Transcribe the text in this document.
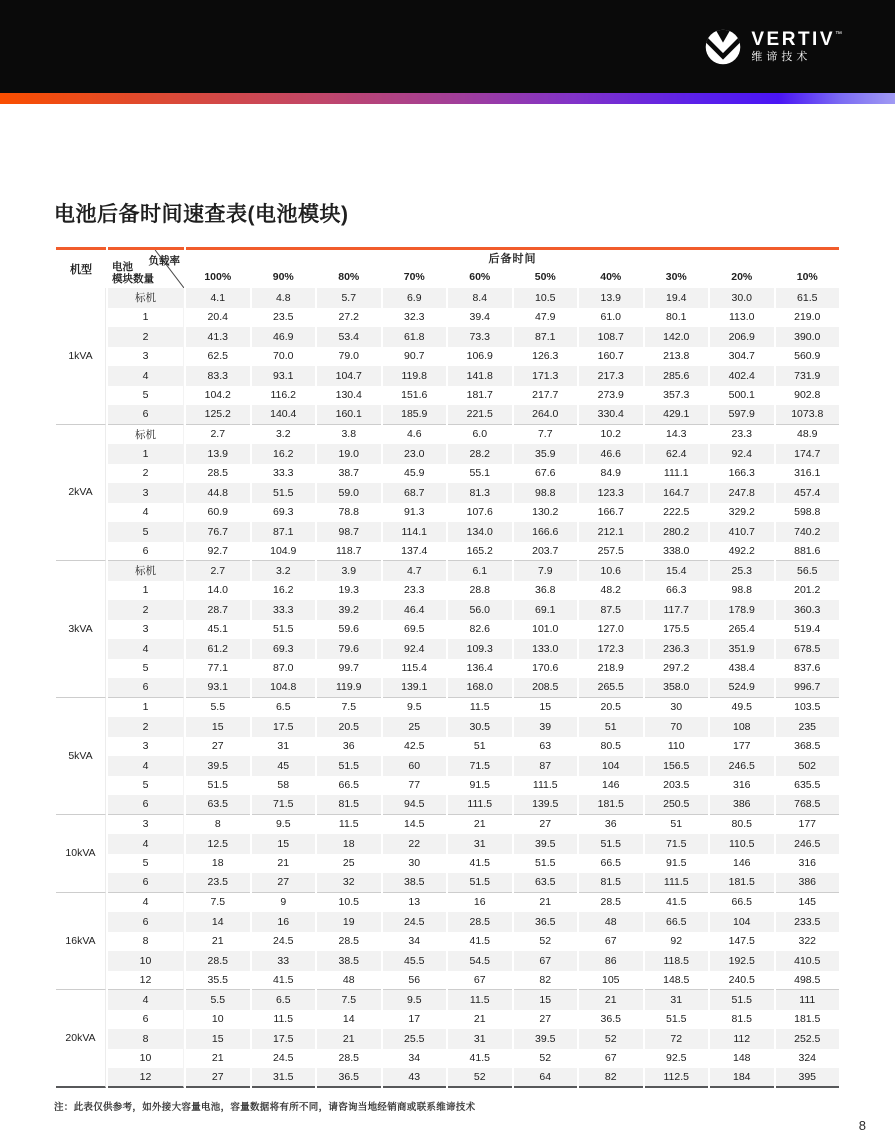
VERTIV ™
维谛技术
电池后备时间速查表(电池模块)
机型	负载率
电池
模块数量	后备时间									
		100%	90%	80%	70%	60%	50%	40%	30%	20%	10%
1kVA	标机	4.1	4.8	5.7	6.9	8.4	10.5	13.9	19.4	30.0	61.5
	1	20.4	23.5	27.2	32.3	39.4	47.9	61.0	80.1	113.0	219.0
	2	41.3	46.9	53.4	61.8	73.3	87.1	108.7	142.0	206.9	390.0
	3	62.5	70.0	79.0	90.7	106.9	126.3	160.7	213.8	304.7	560.9
	4	83.3	93.1	104.7	119.8	141.8	171.3	217.3	285.6	402.4	731.9
	5	104.2	116.2	130.4	151.6	181.7	217.7	273.9	357.3	500.1	902.8
	6	125.2	140.4	160.1	185.9	221.5	264.0	330.4	429.1	597.9	1073.8
2kVA	标机	2.7	3.2	3.8	4.6	6.0	7.7	10.2	14.3	23.3	48.9
	1	13.9	16.2	19.0	23.0	28.2	35.9	46.6	62.4	92.4	174.7
	2	28.5	33.3	38.7	45.9	55.1	67.6	84.9	111.1	166.3	316.1
	3	44.8	51.5	59.0	68.7	81.3	98.8	123.3	164.7	247.8	457.4
	4	60.9	69.3	78.8	91.3	107.6	130.2	166.7	222.5	329.2	598.8
	5	76.7	87.1	98.7	114.1	134.0	166.6	212.1	280.2	410.7	740.2
	6	92.7	104.9	118.7	137.4	165.2	203.7	257.5	338.0	492.2	881.6
3kVA	标机	2.7	3.2	3.9	4.7	6.1	7.9	10.6	15.4	25.3	56.5
	1	14.0	16.2	19.3	23.3	28.8	36.8	48.2	66.3	98.8	201.2
	2	28.7	33.3	39.2	46.4	56.0	69.1	87.5	117.7	178.9	360.3
	3	45.1	51.5	59.6	69.5	82.6	101.0	127.0	175.5	265.4	519.4
	4	61.2	69.3	79.6	92.4	109.3	133.0	172.3	236.3	351.9	678.5
	5	77.1	87.0	99.7	115.4	136.4	170.6	218.9	297.2	438.4	837.6
	6	93.1	104.8	119.9	139.1	168.0	208.5	265.5	358.0	524.9	996.7
5kVA	1	5.5	6.5	7.5	9.5	11.5	15	20.5	30	49.5	103.5
	2	15	17.5	20.5	25	30.5	39	51	70	108	235
	3	27	31	36	42.5	51	63	80.5	110	177	368.5
	4	39.5	45	51.5	60	71.5	87	104	156.5	246.5	502
	5	51.5	58	66.5	77	91.5	111.5	146	203.5	316	635.5
	6	63.5	71.5	81.5	94.5	111.5	139.5	181.5	250.5	386	768.5
10kVA	3	8	9.5	11.5	14.5	21	27	36	51	80.5	177
	4	12.5	15	18	22	31	39.5	51.5	71.5	110.5	246.5
	5	18	21	25	30	41.5	51.5	66.5	91.5	146	316
	6	23.5	27	32	38.5	51.5	63.5	81.5	111.5	181.5	386
16kVA	4	7.5	9	10.5	13	16	21	28.5	41.5	66.5	145
	6	14	16	19	24.5	28.5	36.5	48	66.5	104	233.5
	8	21	24.5	28.5	34	41.5	52	67	92	147.5	322
	10	28.5	33	38.5	45.5	54.5	67	86	118.5	192.5	410.5
	12	35.5	41.5	48	56	67	82	105	148.5	240.5	498.5
20kVA	4	5.5	6.5	7.5	9.5	11.5	15	21	31	51.5	111
	6	10	11.5	14	17	21	27	36.5	51.5	81.5	181.5
	8	15	17.5	21	25.5	31	39.5	52	72	112	252.5
	10	21	24.5	28.5	34	41.5	52	67	92.5	148	324
	12	27	31.5	36.5	43	52	64	82	112.5	184	395

注：此表仅供参考，如外接大容量电池，容量数据将有所不同，请咨询当地经销商或联系维谛技术

8
